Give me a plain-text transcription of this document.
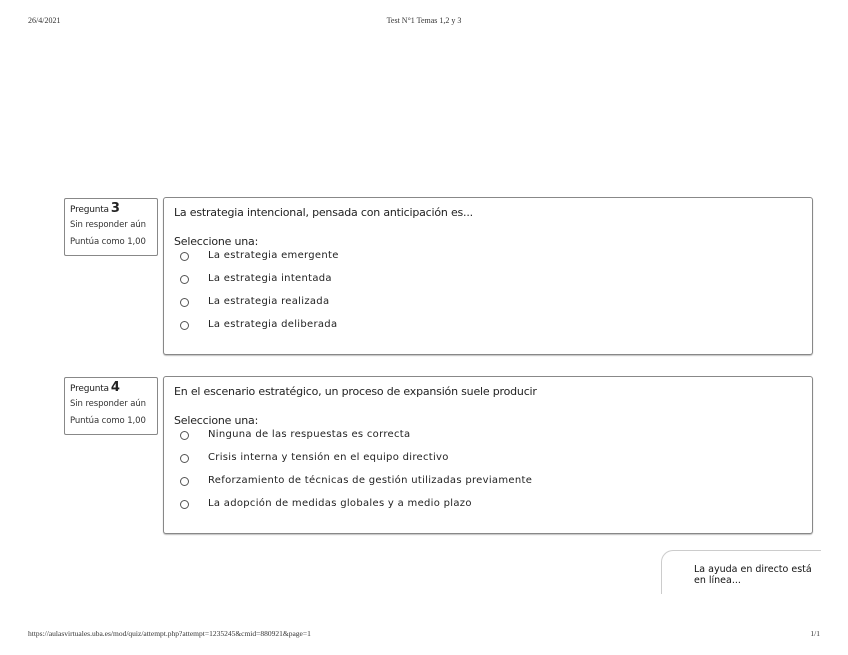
26/4/2021	Test N°1 Temas 1,2 y 3
Pregunta 3
Sin responder aún
Puntúa como 1,00
La estrategia intencional, pensada con anticipación es...
Seleccione una:
La estrategia emergente
La estrategia intentada
La estrategia realizada
La estrategia deliberada
Pregunta 4
Sin responder aún
Puntúa como 1,00
En el escenario estratégico, un proceso de expansión suele producir
Seleccione una:
Ninguna de las respuestas es correcta
Crisis interna y tensión en el equipo directivo
Reforzamiento de técnicas de gestión utilizadas previamente
La adopción de medidas globales y a medio plazo
La ayuda en directo está en línea...
https://aulasvirtuales.uba.es/mod/quiz/attempt.php?attempt=1235245&cmid=880921&page=1	1/1
